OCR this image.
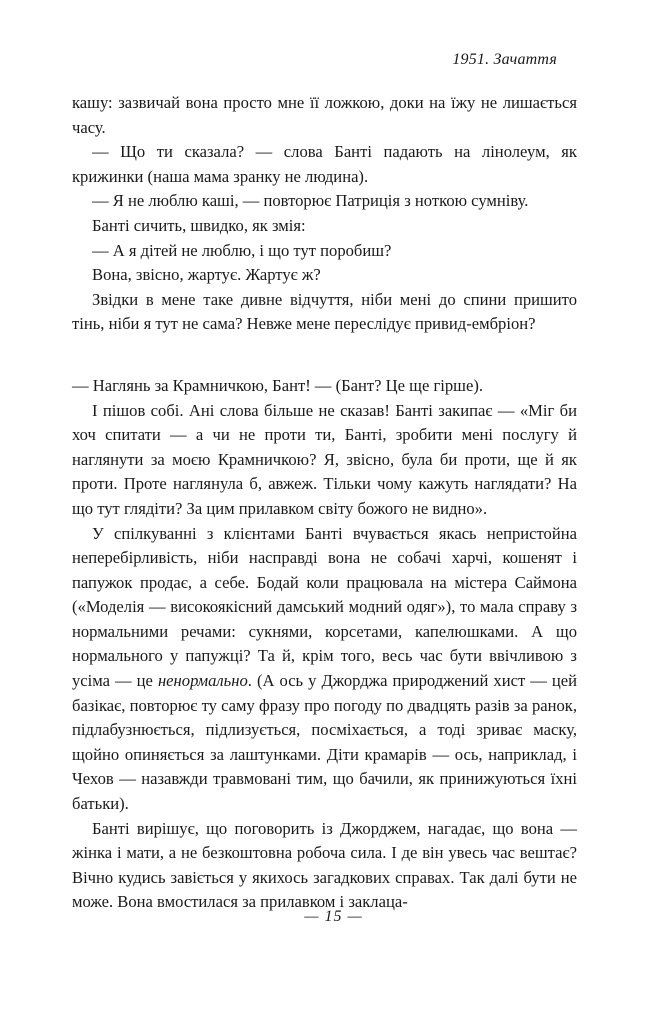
1951. Зачаття

кашу: зазвичай вона просто мне її ложкою, доки на їжу не лишається часу.

— Що ти сказала? — слова Банті падають на лінолеум, як крижинки (наша мама зранку не людина).

— Я не люблю каші, — повторює Патриція з ноткою сумніву.

Банті сичить, швидко, як змія:

— А я дітей не люблю, і що тут поробиш?

Вона, звісно, жартує. Жартує ж?

Звідки в мене таке дивне відчуття, ніби мені до спини пришито тінь, ніби я тут не сама? Невже мене переслідує привид-ембріон?

— Наглянь за Крамничкою, Бант! — (Бант? Це ще гірше).

І пішов собі. Ані слова більше не сказав! Банті закипає — «Міг би хоч спитати — а чи не проти ти, Банті, зробити мені послугу й наглянути за моєю Крамничкою? Я, звісно, була би проти, ще й як проти. Проте наглянула б, авжеж. Тільки чому кажуть наглядати? На що тут глядіти? За цим прилавком світу божого не видно».

У спілкуванні з клієнтами Банті вчувається якась непристойна неперебірливість, ніби насправді вона не собачі харчі, кошенят і папужок продає, а себе. Бодай коли працювала на містера Саймона («Моделія — високоякісний дамський модний одяг»), то мала справу з нормальними речами: сукнями, корсетами, капелюшками. А що нормального у папужці? Та й, крім того, весь час бути ввічливою з усіма — це ненормально. (А ось у Джорджа природжений хист — цей базікає, повторює ту саму фразу про погоду по двадцять разів за ранок, підлабузнюється, підлизується, посміхається, а тоді зриває маску, щойно опиняється за лаштунками. Діти крамарів — ось, наприклад, і Чехов — назавжди травмовані тим, що бачили, як принижуються їхні батьки).

Банті вирішує, що поговорить із Джорджем, нагадає, що вона — жінка і мати, а не безкоштовна робоча сила. І де він увесь час вештає? Вічно кудись завіється у якихось загадкових справах. Так далі бути не може. Вона вмостилася за прилавком і заклаца-

— 15 —
